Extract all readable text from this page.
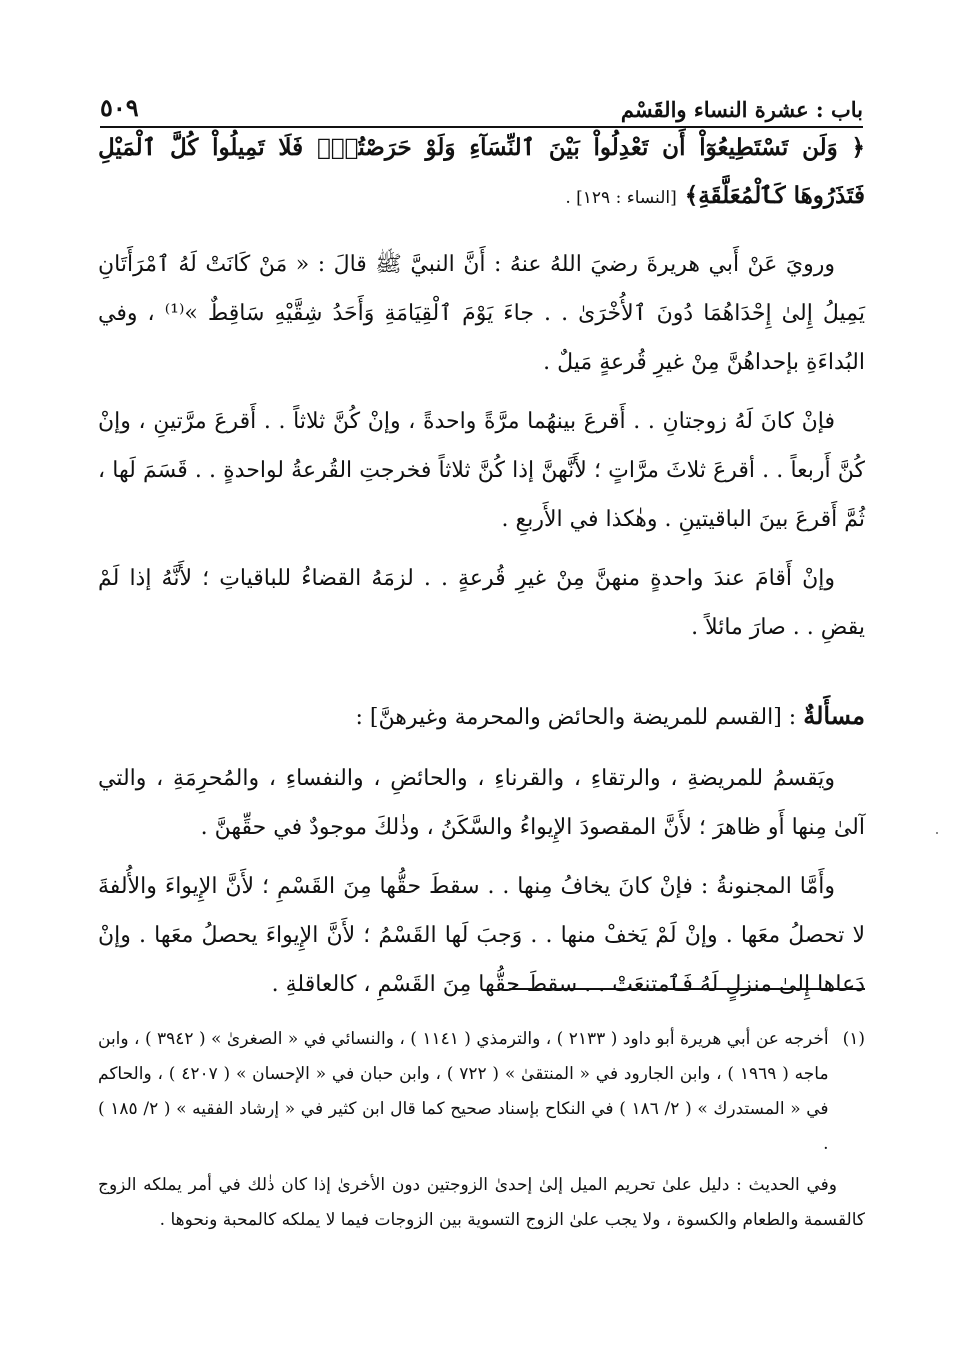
باب : عشرة النساء والقَسْم
٥٠٩

﴿ وَلَن تَسْتَطِيعُوٓاْ أَن تَعْدِلُواْ بَيْنَ ٱلنِّسَآءِ وَلَوْ حَرَصْتُمْۖ فَلَا تَمِيلُواْ كُلَّ ٱلْمَيْلِ فَتَذَرُوهَا كَٱلْمُعَلَّقَةِ﴾ [النساء : ١٢٩] .

ورويَ عَنْ أَبي هريرةَ رضيَ اللهُ عنهُ : أَنَّ النبيَّ ﷺ قالَ : « مَنْ كَانَتْ لَهُ ٱمْرَأَتَانِ يَمِيلُ إِلىٰ إِحْدَاهُمَا دُونَ ٱلأُخْرَىٰ . . جاءَ يَوْمَ ٱلْقِيَامَةِ وَأَحَدُ شِقَّيْهِ سَاقِطٌ »⁽¹⁾ ، وفي البُداءَةِ بإحداهُنَّ مِنْ غيرِ قُرعةٍ مَيلٌ .

فإنْ كانَ لَهُ زوجتانِ . . أَقرعَ بينهُما مرَّةً واحدةً ، وإنْ كُنَّ ثلاثاً . . أَقرعَ مرَّتينِ ، وإنْ كُنَّ أَربعاً . . أقرعَ ثلاثَ مرَّاتٍ ؛ لأَنَّهنَّ إذا كُنَّ ثلاثاً فخرجتِ القُرعةُ لواحدةٍ . . قَسَمَ لَها ، ثُمَّ أَقرعَ بينَ الباقيتينِ . وهٰكذا في الأَربعِ .

وإنْ أَقامَ عندَ واحدةٍ منهنَّ مِنْ غيرِ قُرعةٍ . . لزمَهُ القضاءُ للباقياتِ ؛ لأَنَّهُ إذا لَمْ يقضِ . . صارَ مائلاً .

مسأَلةٌ : [القسم للمريضة والحائض والمحرمة وغيرهنَّ] :

ويَقسمُ للمريضةِ ، والرتقاءِ ، والقرناءِ ، والحائضِ ، والنفساءِ ، والمُحرِمَةِ ، والتي آلىٰ مِنها أَو ظاهرَ ؛ لأَنَّ المقصودَ الإِيواءُ والسَّكَنُ ، وذٰلكَ موجودٌ في حقِّهنَّ .

وأَمَّا المجنونةُ : فإنْ كانَ يخافُ مِنها . . سقطَ حقُّها مِنَ القَسْمِ ؛ لأَنَّ الإِيواءَ والأُلفةَ لا تحصلُ معَها . وإنْ لَمْ يَخفْ منها . . وَجبَ لَها القَسْمُ ؛ لأَنَّ الإِيواءَ يحصلُ معَها . وإنْ دَعاها إِلىٰ منزلٍ لَهُ فَٱمتنعَتْ . . سقطَ حقُّها مِنَ القَسْمِ ، كالعاقلةِ .

(١)
أخرجه عن أبي هريرة أبو داود ( ٢١٣٣ ) ، والترمذي ( ١١٤١ ) ، والنسائي في « الصغرىٰ » ( ٣٩٤٢ ) ، وابن ماجه ( ١٩٦٩ ) ، وابن الجارود في « المنتقىٰ » ( ٧٢٢ ) ، وابن حبان في « الإحسان » ( ٤٢٠٧ ) ، والحاكم في « المستدرك » ( ٢/ ١٨٦ ) في النكاح بإسناد صحيح كما قال ابن كثير في « إرشاد الفقيه » ( ٢/ ١٨٥ ) .

وفي الحديث : دليل علىٰ تحريم الميل إلىٰ إحدىٰ الزوجتين دون الأخرىٰ إذا كان ذٰلك في أمر يملكه الزوج كالقسمة والطعام والكسوة ، ولا يجب علىٰ الزوج التسوية بين الزوجات فيما لا يملكه كالمحبة ونحوها .
